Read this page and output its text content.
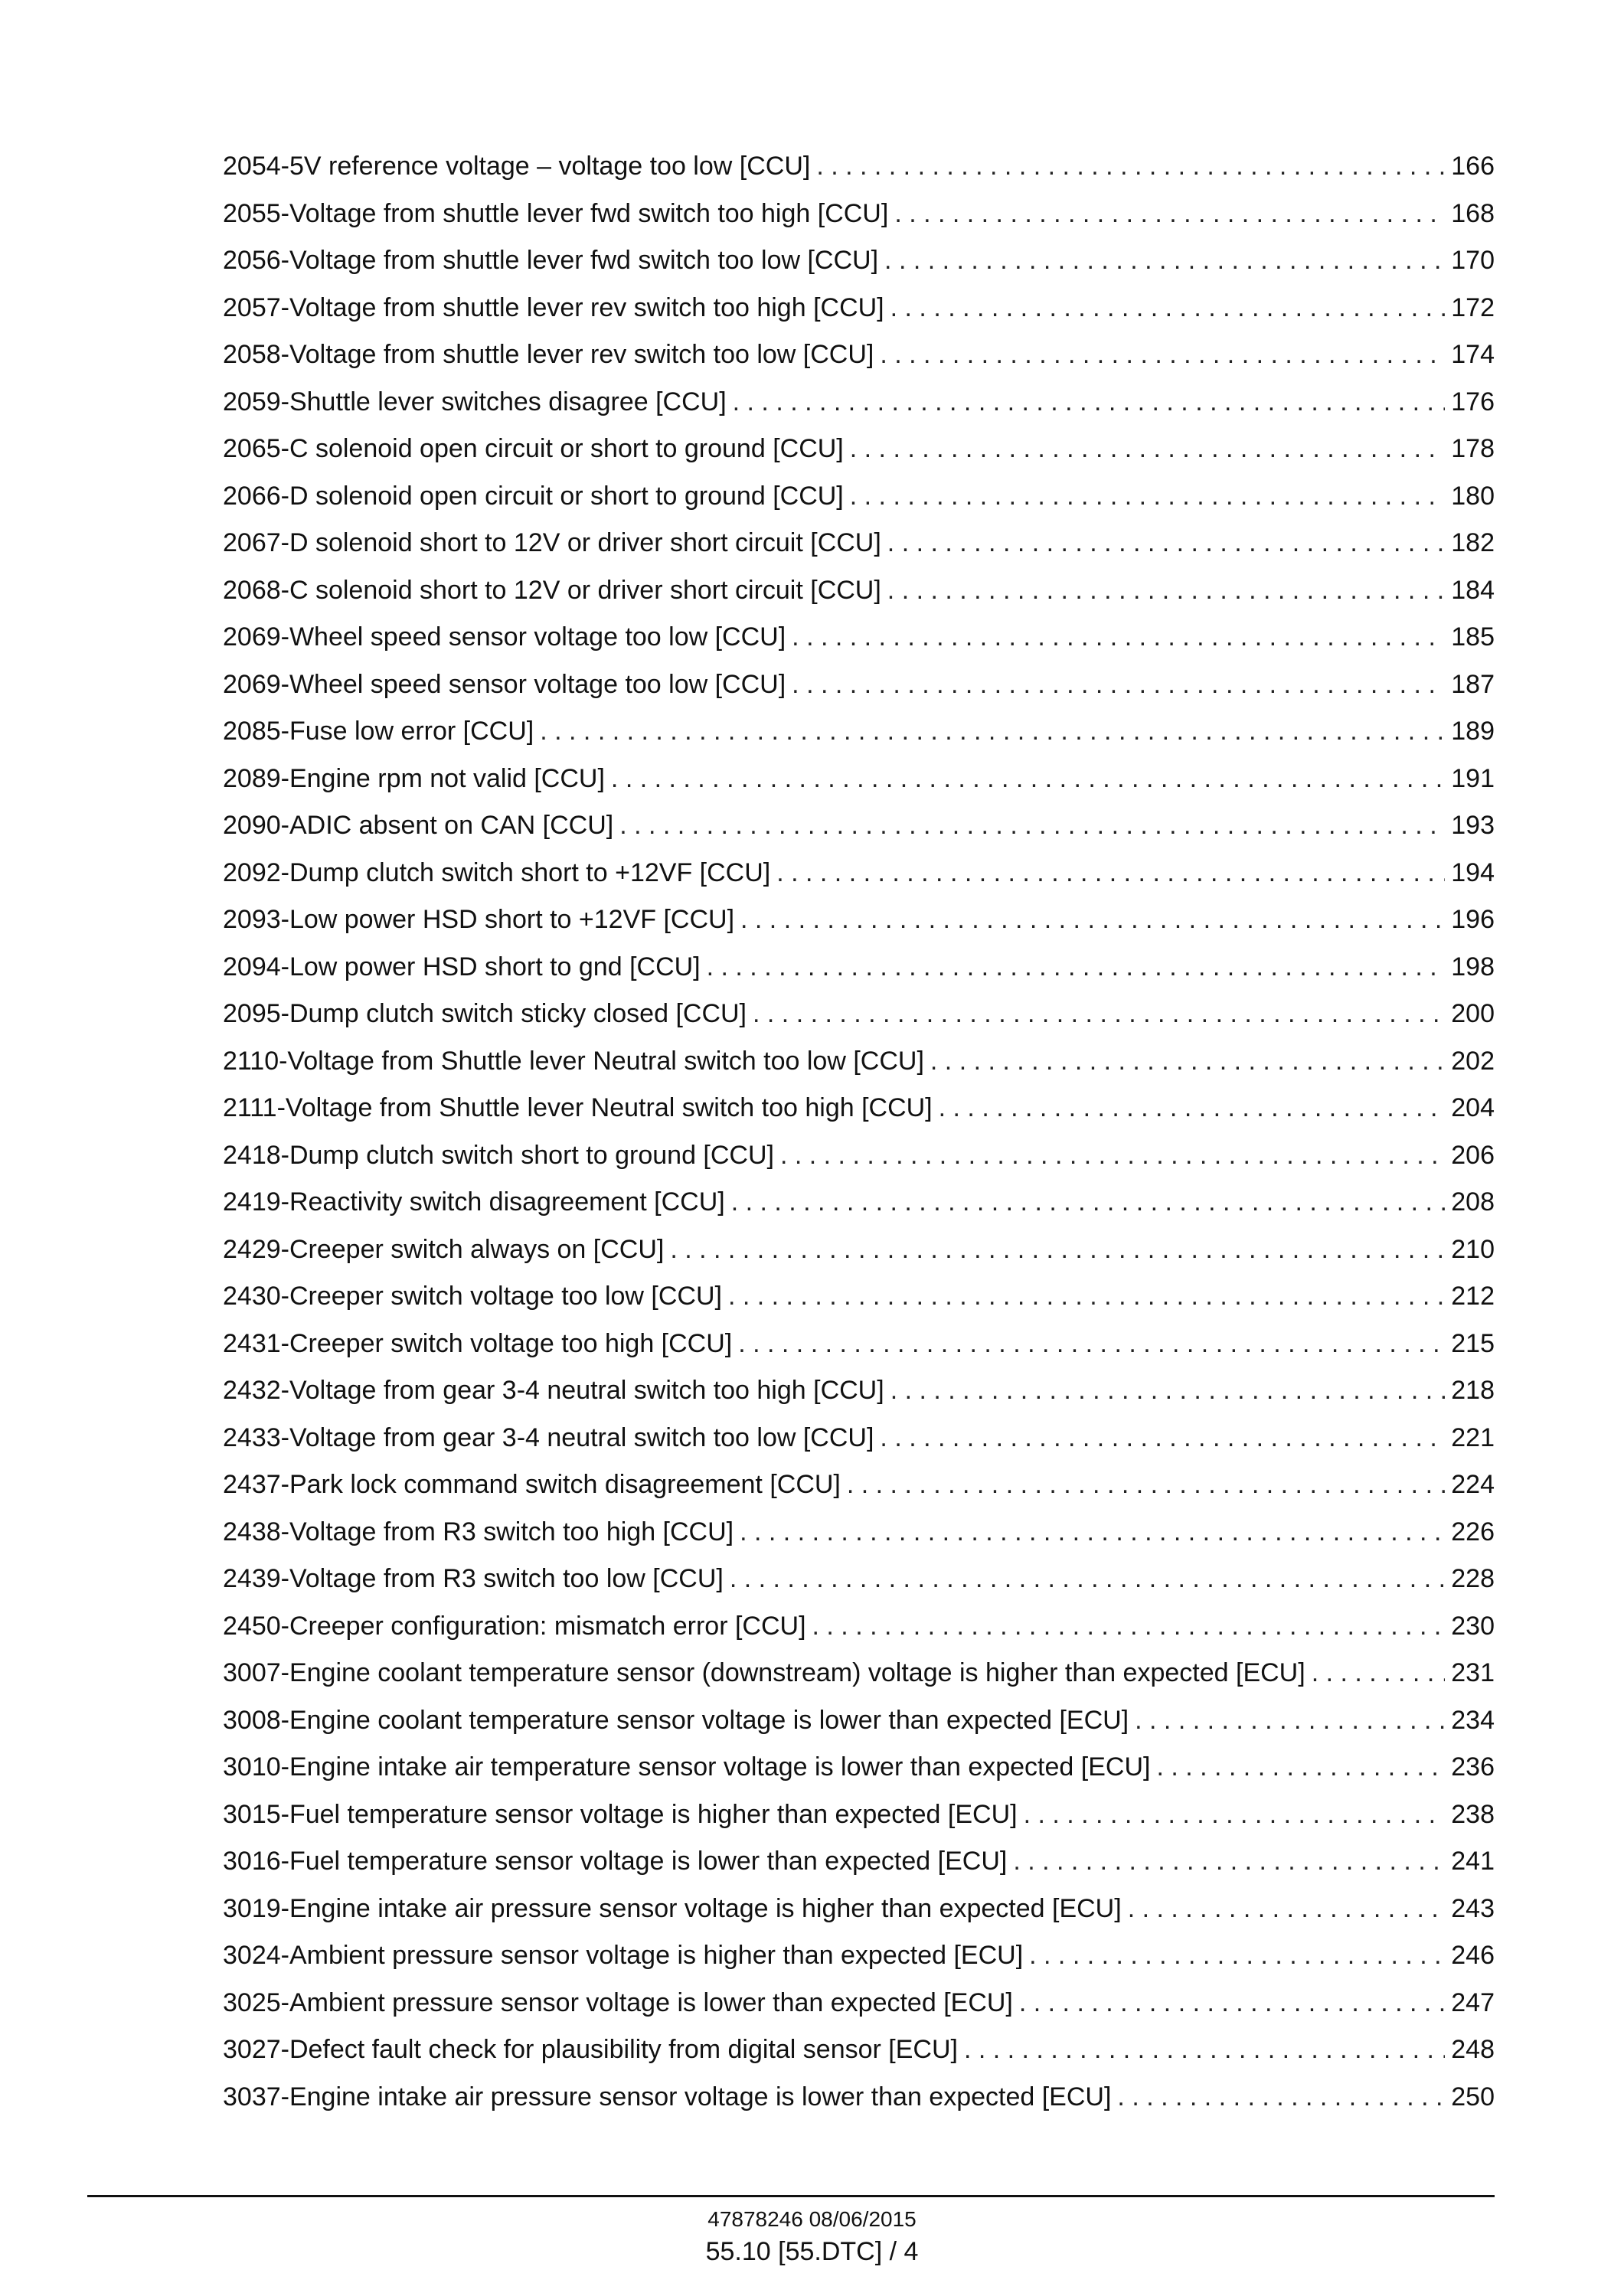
2054-5V reference voltage – voltage too low [CCU] . . .	166
2055-Voltage from shuttle lever fwd switch too high [CCU] . . .	168
2056-Voltage from shuttle lever fwd switch too low [CCU] . . .	170
2057-Voltage from shuttle lever rev switch too high [CCU] . . .	172
2058-Voltage from shuttle lever rev switch too low [CCU] . . .	174
2059-Shuttle lever switches disagree [CCU] . . .	176
2065-C solenoid open circuit or short to ground [CCU] . . .	178
2066-D solenoid open circuit or short to ground [CCU] . . .	180
2067-D solenoid short to 12V or driver short circuit [CCU] . . .	182
2068-C solenoid short to 12V or driver short circuit [CCU] . . .	184
2069-Wheel speed sensor voltage too low [CCU] . . .	185
2069-Wheel speed sensor voltage too low [CCU] . . .	187
2085-Fuse low error [CCU] . . .	189
2089-Engine rpm not valid [CCU] . . .	191
2090-ADIC absent on CAN [CCU] . . .	193
2092-Dump clutch switch short to +12VF [CCU] . . .	194
2093-Low power HSD short to +12VF [CCU] . . .	196
2094-Low power HSD short to gnd [CCU] . . .	198
2095-Dump clutch switch sticky closed [CCU] . . .	200
2110-Voltage from Shuttle lever Neutral switch too low [CCU] . . .	202
2111-Voltage from Shuttle lever Neutral switch too high [CCU] . . .	204
2418-Dump clutch switch short to ground [CCU] . . .	206
2419-Reactivity switch disagreement [CCU] . . .	208
2429-Creeper switch always on [CCU] . . .	210
2430-Creeper switch voltage too low [CCU] . . .	212
2431-Creeper switch voltage too high [CCU] . . .	215
2432-Voltage from gear 3-4 neutral switch too high [CCU] . . .	218
2433-Voltage from gear 3-4 neutral switch too low [CCU] . . .	221
2437-Park lock command switch disagreement [CCU] . . .	224
2438-Voltage from R3 switch too high [CCU] . . .	226
2439-Voltage from R3 switch too low [CCU] . . .	228
2450-Creeper configuration: mismatch error [CCU] . . .	230
3007-Engine coolant temperature sensor (downstream) voltage is higher than expected [ECU] . . .	231
3008-Engine coolant temperature sensor voltage is lower than expected [ECU] . . .	234
3010-Engine intake air temperature sensor voltage is lower than expected [ECU] . . .	236
3015-Fuel temperature sensor voltage is higher than expected [ECU] . . .	238
3016-Fuel temperature sensor voltage is lower than expected [ECU] . . .	241
3019-Engine intake air pressure sensor voltage is higher than expected [ECU] . . .	243
3024-Ambient pressure sensor voltage is higher than expected [ECU] . . .	246
3025-Ambient pressure sensor voltage is lower than expected [ECU] . . .	247
3027-Defect fault check for plausibility from digital sensor [ECU] . . .	248
3037-Engine intake air pressure sensor voltage is lower than expected [ECU] . . .	250
47878246 08/06/2015
55.10 [55.DTC] / 4
